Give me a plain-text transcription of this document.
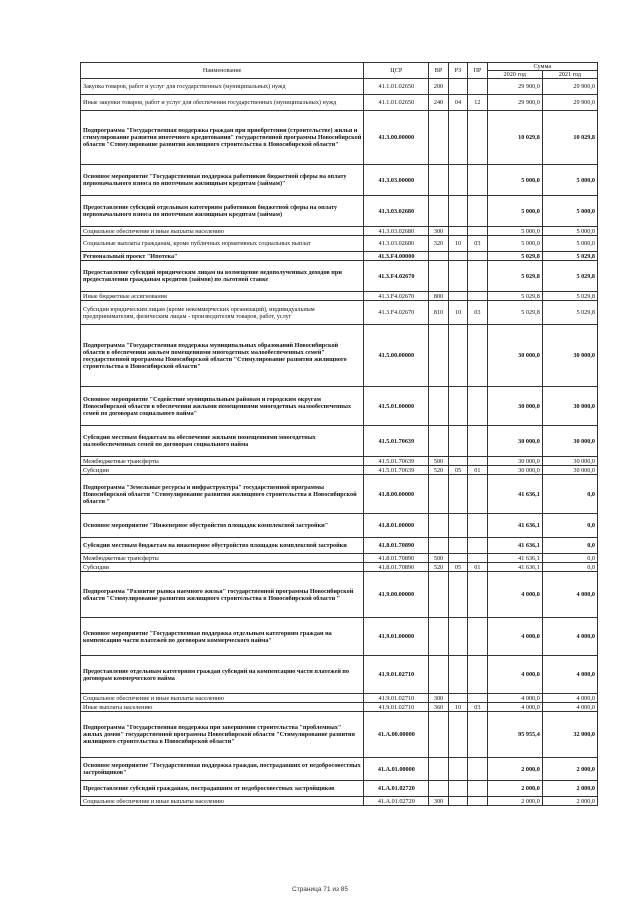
Наименование	ЦСР	ВР	РЗ	ПР	Сумма	
					2020 год	2021 год
Закупка товаров, работ и услуг для государственных (муниципальных) нужд	41.1.01.02650	200			29 900,0	29 900,0
Иные закупки товаров, работ и услуг для обеспечения государственных (муниципальных) нужд	41.1.01.02650	240	04	12	29 900,0	29 900,0
Подпрограмма "Государственная поддержка граждан при приобретении (строительстве) жилья и стимулирование развития ипотечного кредитования" государственной программы Новосибирской области "Стимулирование развития жилищного строительства в Новосибирской области"	41.3.00.00000				10 029,8	10 029,8
Основное мероприятие "Государственная поддержка работников бюджетной сферы на оплату первоначального взноса по ипотечным жилищным кредитам (займам)"	41.3.03.00000				5 000,0	5 000,0
Предоставление субсидий отдельным категориям работников бюджетной сферы на оплату первоначального взноса по ипотечным жилищным кредитам (займам)	41.3.03.02680				5 000,0	5 000,0
Социальное обеспечение и иные выплаты населению	41.3.03.02680	300			5 000,0	5 000,0
Социальные выплаты гражданам, кроме публичных нормативных социальных выплат	41.3.03.02680	320	10	03	5 000,0	5 000,0
Региональный проект "Ипотека"	41.3.F4.00000				5 029,8	5 029,8
Предоставление субсидий юридическим лицам на возмещение недополученных доходов при предоставлении гражданам кредитов (займов) по льготной ставке	41.3.F4.02670				5 029,8	5 029,8
Иные бюджетные ассигнования	41.3.F4.02670	800			5 029,8	5 029,8
Субсидии юридическим лицам (кроме некоммерческих организаций), индивидуальным предпринимателям, физическим лицам - производителям товаров, работ, услуг	41.3.F4.02670	810	10	03	5 029,8	5 029,8
Подпрограмма "Государственная поддержка муниципальных образований Новосибирской области в обеспечении жильем помещениями многодетных малообеспеченных семей" государственной программы Новосибирской области "Стимулирование развития жилищного строительства в Новосибирской области"	41.5.00.00000				30 000,0	30 000,0
Основное мероприятие "Содействие муниципальным районам и городским округам Новосибирской области в обеспечении жилыми помещениями многодетных малообеспеченных семей по договорам социального найма"	41.5.01.00000				30 000,0	30 000,0
Субсидии местным бюджетам на обеспечение жилыми помещениями многодетных малообеспеченных семей по договорам социального найма	41.5.01.70639				30 000,0	30 000,0
Межбюджетные трансферты	41.5.01.70639	500			30 000,0	30 000,0
Субсидии	41.5.01.70639	520	05	01	30 000,0	30 000,0
Подпрограмма "Земельные ресурсы и инфраструктура" государственной программы Новосибирской области "Стимулирование развития жилищного строительства в Новосибирской области "	41.8.00.00000				41 636,1	0,0
Основное мероприятие "Инженерное обустройство площадок комплексной застройки"	41.8.01.00000				41 636,1	0,0
Субсидии местным бюджетам на инженерное обустройство площадок комплексной застройки	41.8.01.70890				41 636,1	0,0
Межбюджетные трансферты	41.8.01.70890	500			41 636,1	0,0
Субсидии	41.8.01.70890	520	05	01	41 636,1	0,0
Подпрограмма "Развитие рынка наемного жилья" государственной программы Новосибирской области "Стимулирование развития жилищного строительства в Новосибирской области "	41.9.00.00000				4 000,0	4 000,0
Основное мероприятие "Государственная поддержка отдельным категориям граждан на компенсацию части платежей по договорам коммерческого найма"	41.9.01.00000				4 000,0	4 000,0
Предоставление отдельным категориям граждан субсидий на компенсацию части платежей по договорам коммерческого найма	41.9.01.02710				4 000,0	4 000,0
Социальное обеспечение и иные выплаты населению	41.9.01.02710	300			4 000,0	4 000,0
Иные выплаты населению	41.9.01.02710	360	10	03	4 000,0	4 000,0
Подпрограмма "Государственная поддержка при завершении строительства "проблемных" жилых домов" государственной программы Новосибирской области "Стимулирование развития жилищного строительства в Новосибирской области"	41.A.00.00000				95 955,4	32 000,0
Основное мероприятие "Государственная поддержка граждан, пострадавших от недобросовестных застройщиков"	41.A.01.00000				2 000,0	2 000,0
Предоставление субсидий гражданам, пострадавшим от недобросовестных застройщиков	41.A.01.02720				2 000,0	2 000,0
Социальное обеспечение и иные выплаты населению	41.A.01.02720	300			2 000,0	2 000,0
Страница 71 из 85
